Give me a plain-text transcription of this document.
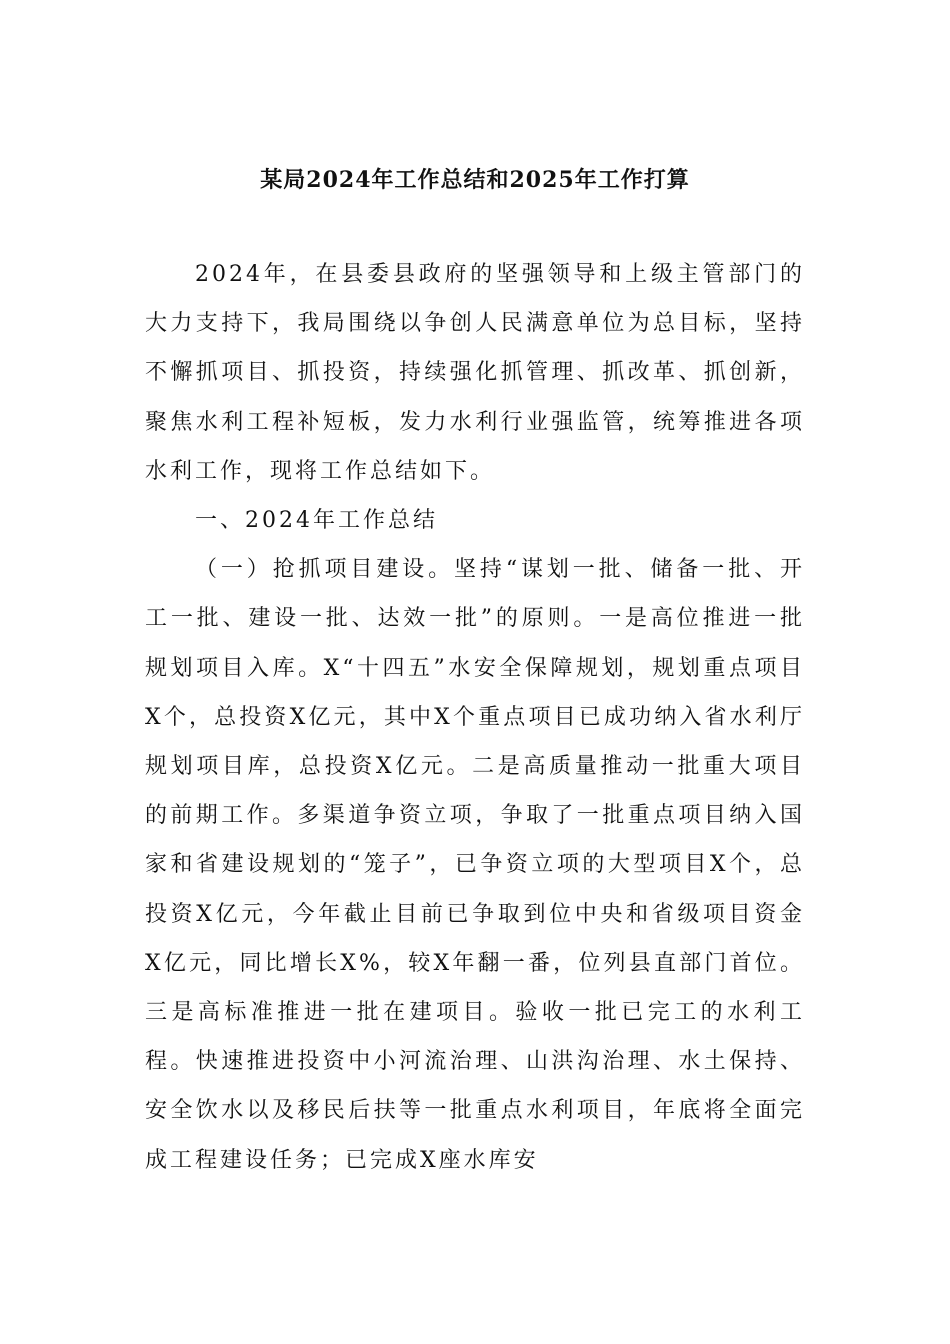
某局2024年工作总结和2025年工作打算

2024年，在县委县政府的坚强领导和上级主管部门的大力支持下，我局围绕以争创人民满意单位为总目标，坚持不懈抓项目、抓投资，持续强化抓管理、抓改革、抓创新，聚焦水利工程补短板，发力水利行业强监管，统筹推进各项水利工作，现将工作总结如下。

一、2024年工作总结

（一）抢抓项目建设。坚持“谋划一批、储备一批、开工一批、建设一批、达效一批”的原则。一是高位推进一批规划项目入库。X“十四五”水安全保障规划，规划重点项目X个，总投资X亿元，其中X个重点项目已成功纳入省水利厅规划项目库，总投资X亿元。二是高质量推动一批重大项目的前期工作。多渠道争资立项，争取了一批重点项目纳入国家和省建设规划的“笼子”，已争资立项的大型项目X个，总投资X亿元，今年截止目前已争取到位中央和省级项目资金X亿元，同比增长X%，较X年翻一番，位列县直部门首位。三是高标准推进一批在建项目。验收一批已完工的水利工程。快速推进投资中小河流治理、山洪沟治理、水土保持、安全饮水以及移民后扶等一批重点水利项目，年底将全面完成工程建设任务；已完成X座水库安
